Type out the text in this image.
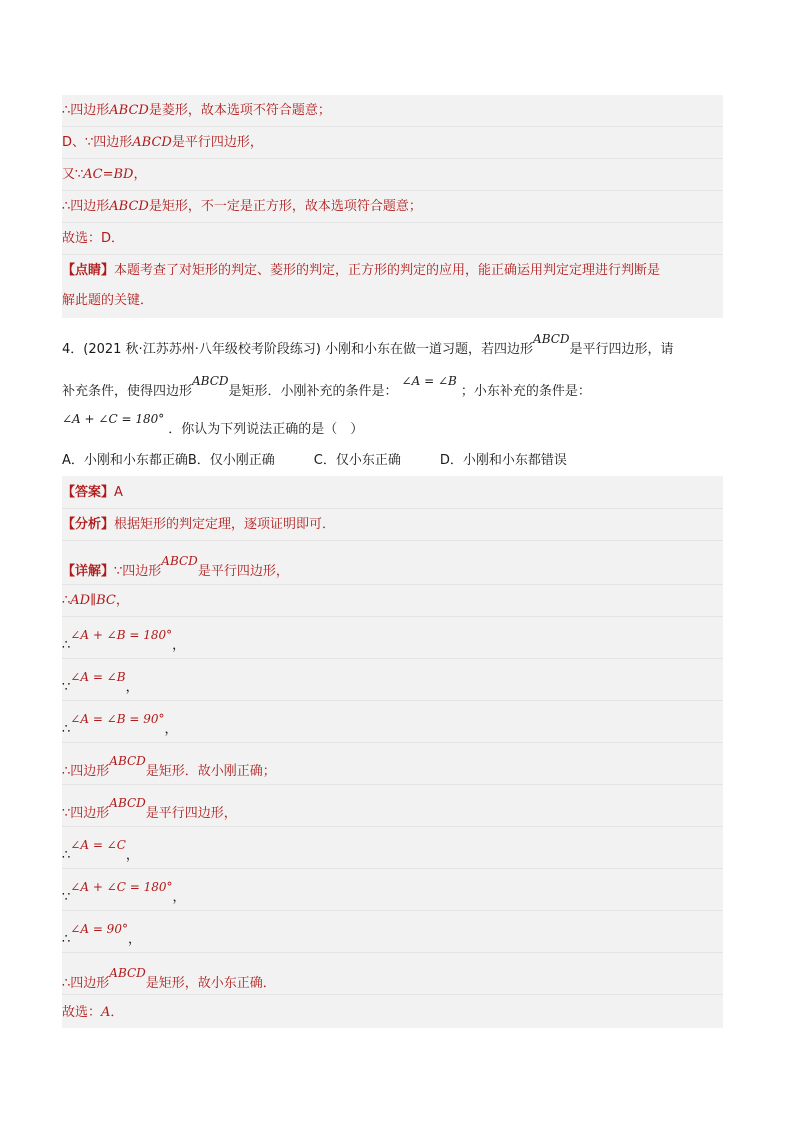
∴四边形ABCD是菱形，故本选项不符合题意；
D、∵四边形ABCD是平行四边形，
又∵AC=BD，
∴四边形ABCD是矩形，不一定是正方形，故本选项符合题意；
故选：D．
【点睛】本题考查了对矩形的判定、菱形的判定，正方形的判定的应用，能正确运用判定定理进行判断是
解此题的关键．
4．(2021 秋·江苏苏州·八年级校考阶段练习) 小刚和小东在做一道习题，若四边形ABCD是平行四边形，请
补充条件，使得四边形ABCD是矩形．小刚补充的条件是：∠A = ∠B；小东补充的条件是：
∠A + ∠C = 180°．你认为下列说法正确的是（　）
A．小刚和小东都正确B．仅小刚正确　　　C．仅小东正确　　　D．小刚和小东都错误
【答案】A
【分析】根据矩形的判定定理，逐项证明即可．
【详解】∵四边形ABCD是平行四边形，
∴AD∥BC，
∴∠A + ∠B = 180°，
∵∠A = ∠B，
∴∠A = ∠B = 90°，
∴四边形ABCD是矩形．故小刚正确；
∵四边形ABCD是平行四边形，
∴∠A = ∠C，
∵∠A + ∠C = 180°，
∴∠A = 90°，
∴四边形ABCD是矩形，故小东正确．
故选：A．
